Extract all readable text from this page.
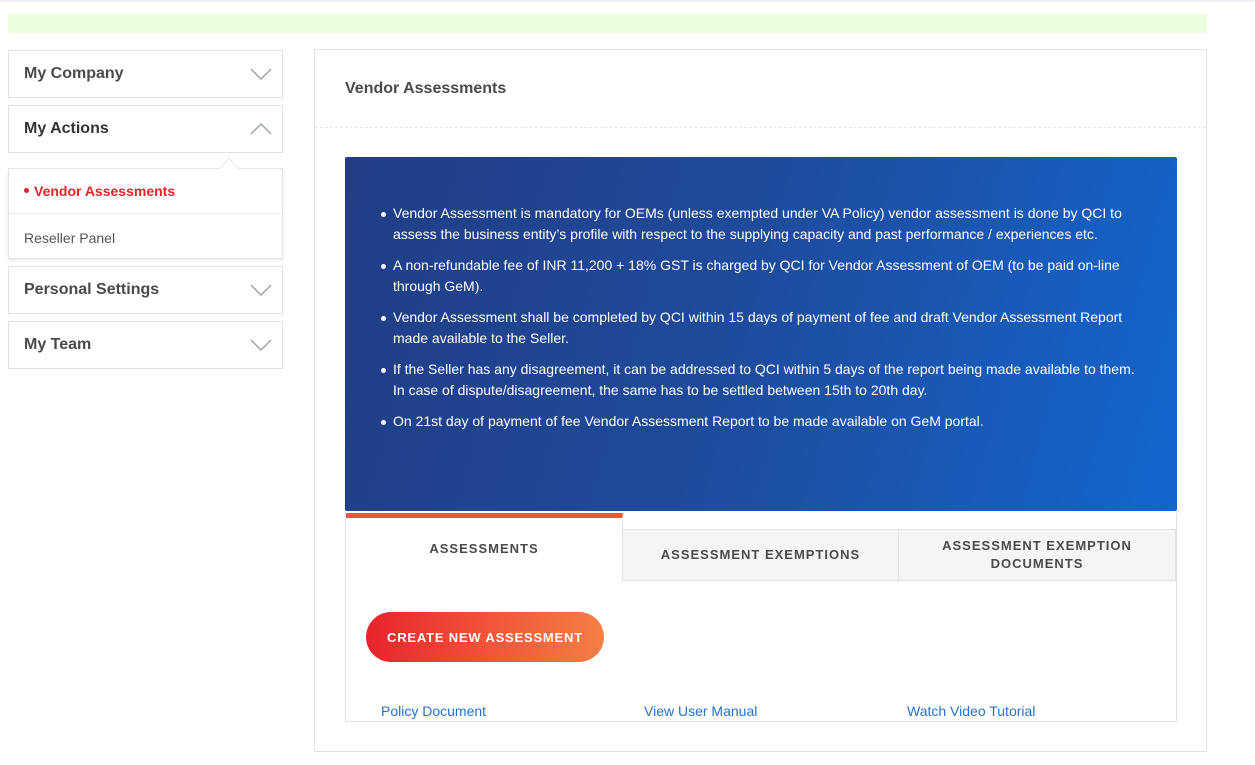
My Company
My Actions
Vendor Assessments
Reseller Panel
Personal Settings
My Team
Vendor Assessments
Vendor Assessment is mandatory for OEMs (unless exempted under VA Policy) vendor assessment is done by QCI to assess the business entity’s profile with respect to the supplying capacity and past performance / experiences etc.
A non-refundable fee of INR 11,200 + 18% GST is charged by QCI for Vendor Assessment of OEM (to be paid on-line through GeM).
Vendor Assessment shall be completed by QCI within 15 days of payment of fee and draft Vendor Assessment Report made available to the Seller.
If the Seller has any disagreement, it can be addressed to QCI within 5 days of the report being made available to them. In case of dispute/disagreement, the same has to be settled between 15th to 20th day.
On 21st day of payment of fee Vendor Assessment Report to be made available on GeM portal.
ASSESSMENTS	ASSESSMENT EXEMPTIONS
ASSESSMENT EXEMPTION DOCUMENTS
CREATE NEW ASSESSMENT
Policy Document	View User Manual	Watch Video Tutorial
